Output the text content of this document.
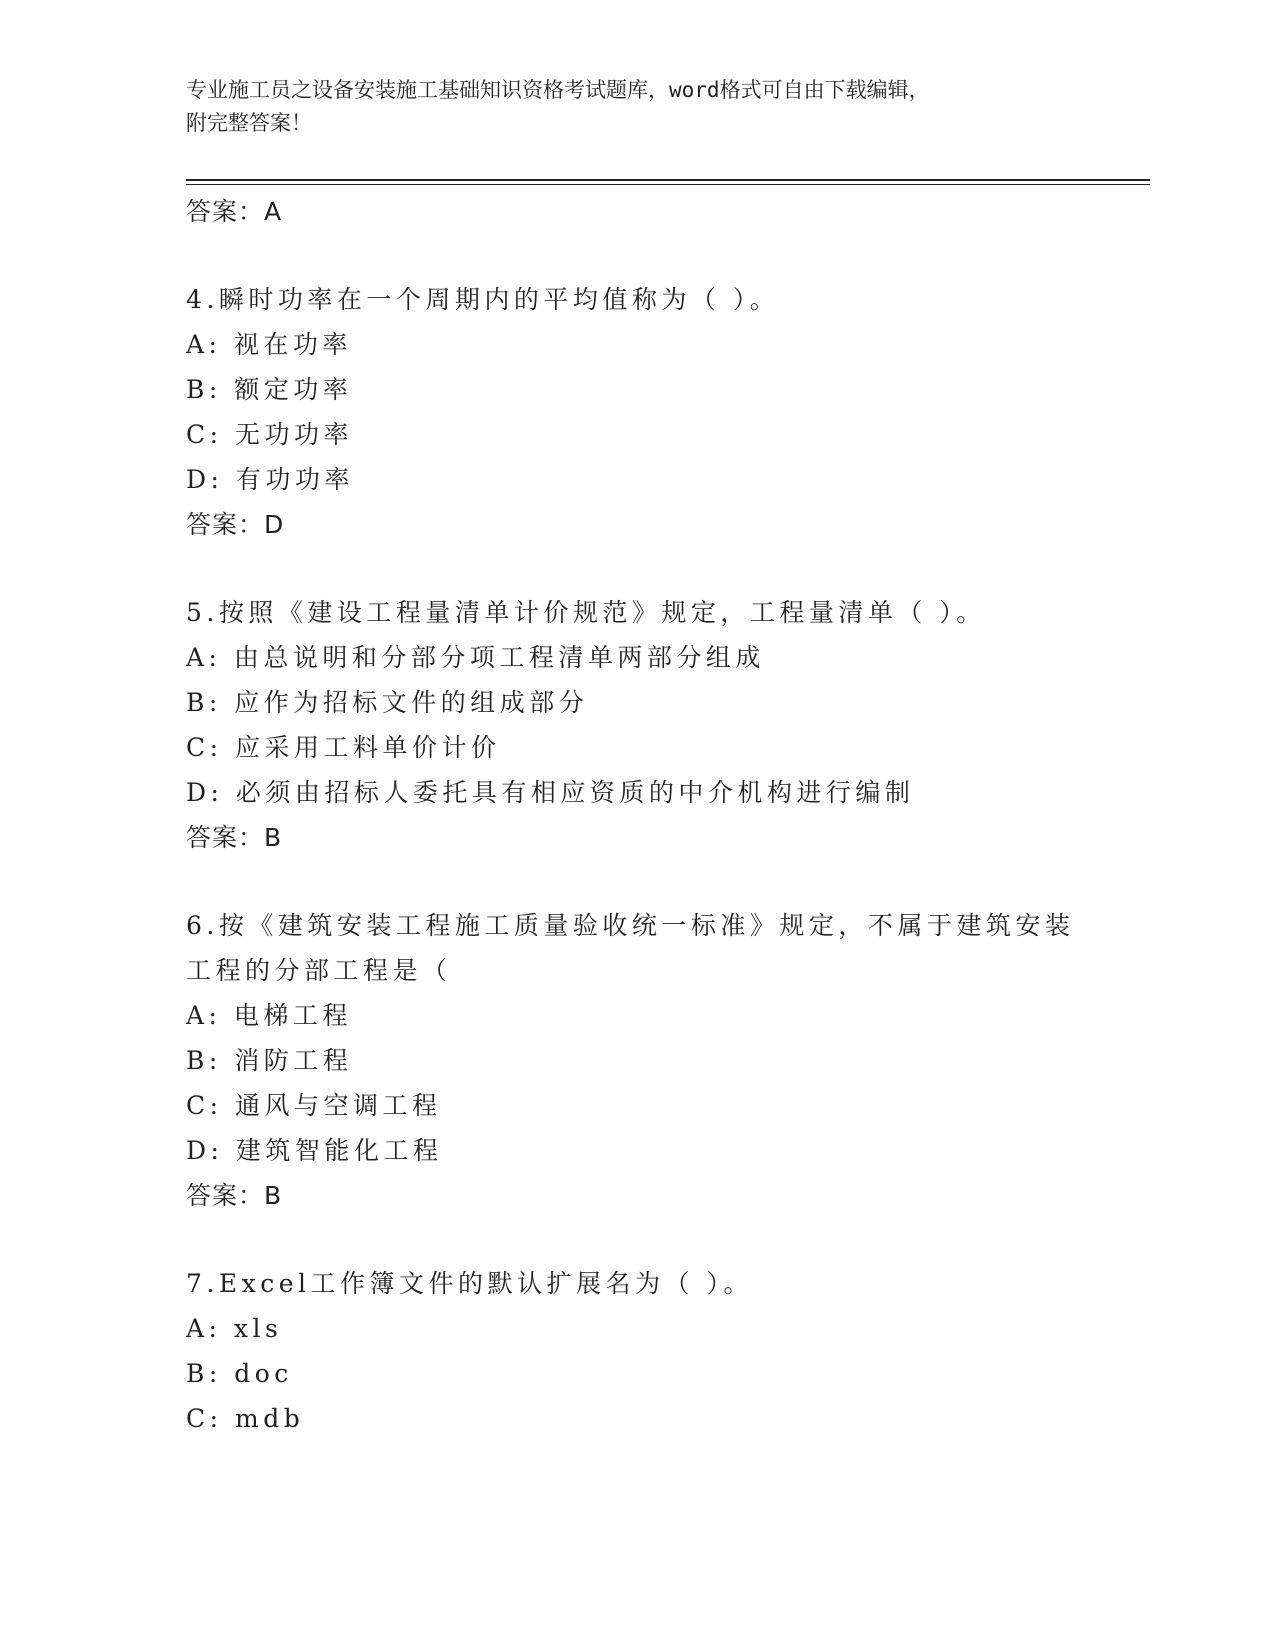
专业施工员之设备安装施工基础知识资格考试题库，word格式可自由下载编辑，
附完整答案！
答案：A
4.瞬时功率在一个周期内的平均值称为（ ）。
A: 视在功率
B: 额定功率
C: 无功功率
D: 有功功率
答案：D
5.按照《建设工程量清单计价规范》规定，工程量清单（ ）。
A: 由总说明和分部分项工程清单两部分组成
B: 应作为招标文件的组成部分
C: 应采用工料单价计价
D: 必须由招标人委托具有相应资质的中介机构进行编制
答案：B
6.按《建筑安装工程施工质量验收统一标准》规定，不属于建筑安装
工程的分部工程是（
A: 电梯工程
B: 消防工程
C: 通风与空调工程
D: 建筑智能化工程
答案：B
7.Excel工作簿文件的默认扩展名为（ ）。
A: xls
B: doc
C: mdb
